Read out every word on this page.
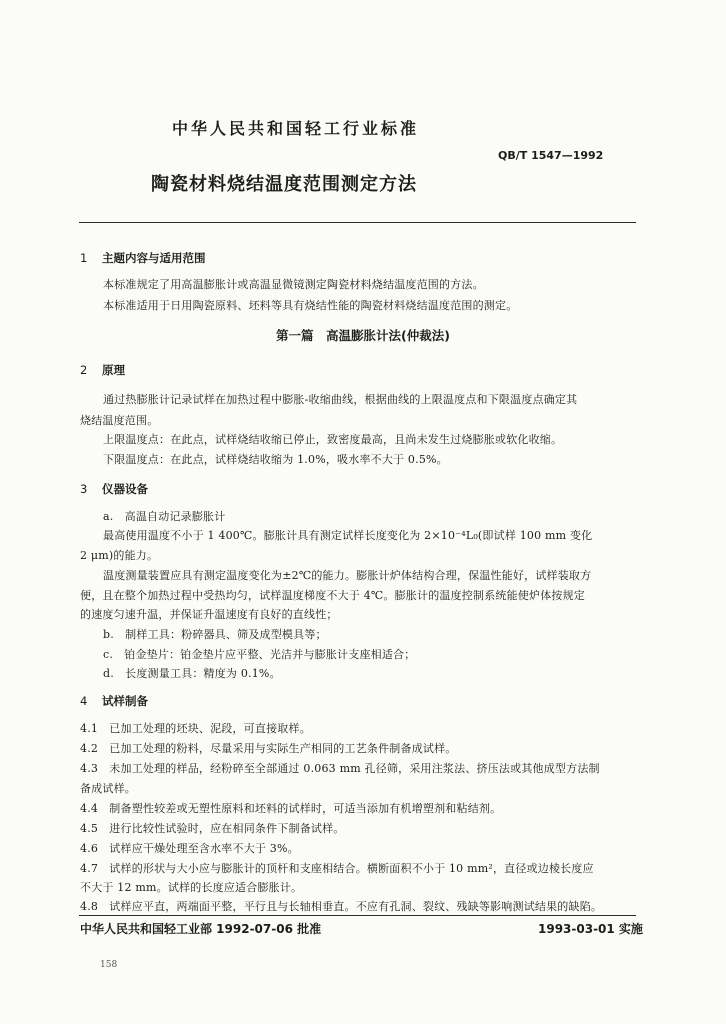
中华人民共和国轻工行业标准
QB/T 1547—1992
陶瓷材料烧结温度范围测定方法
1 主题内容与适用范围
本标准规定了用高温膨胀计或高温显微镜测定陶瓷材料烧结温度范围的方法。
本标准适用于日用陶瓷原料、坯料等具有烧结性能的陶瓷材料烧结温度范围的测定。
第一篇　高温膨胀计法(仲裁法)
2 原理
通过热膨胀计记录试样在加热过程中膨胀-收缩曲线，根据曲线的上限温度点和下限温度点确定其
烧结温度范围。
上限温度点：在此点，试样烧结收缩已停止，致密度最高，且尚未发生过烧膨胀或软化收缩。
下限温度点：在此点，试样烧结收缩为 1.0%，吸水率不大于 0.5%。
3 仪器设备
a.　高温自动记录膨胀计
最高使用温度不小于 1 400℃。膨胀计具有测定试样长度变化为 2×10⁻⁴L₀(即试样 100 mm 变化
2 μm)的能力。
温度测量装置应具有测定温度变化为±2℃的能力。膨胀计炉体结构合理，保温性能好，试样装取方
便，且在整个加热过程中受热均匀，试样温度梯度不大于 4℃。膨胀计的温度控制系统能使炉体按规定
的速度匀速升温，并保证升温速度有良好的直线性；
b.　制样工具：粉碎器具、筛及成型模具等；
c.　铂金垫片：铂金垫片应平整、光洁并与膨胀计支座相适合；
d.　长度测量工具：精度为 0.1%。
4 试样制备
4.1　已加工处理的坯块、泥段，可直接取样。
4.2　已加工处理的粉料，尽量采用与实际生产相同的工艺条件制备成试样。
4.3　未加工处理的样品，经粉碎至全部通过 0.063 mm 孔径筛，采用注浆法、挤压法或其他成型方法制
备成试样。
4.4　制备塑性较差或无塑性原料和坯料的试样时，可适当添加有机增塑剂和粘结剂。
4.5　进行比较性试验时，应在相同条件下制备试样。
4.6　试样应干燥处理至含水率不大于 3%。
4.7　试样的形状与大小应与膨胀计的顶杆和支座相结合。横断面积不小于 10 mm²，直径或边棱长度应
不大于 12 mm。试样的长度应适合膨胀计。
4.8　试样应平直，两端面平整，平行且与长轴相垂直。不应有孔洞、裂纹、残缺等影响测试结果的缺陷。
中华人民共和国轻工业部 1992-07-06 批准	1993-03-01 实施
158
